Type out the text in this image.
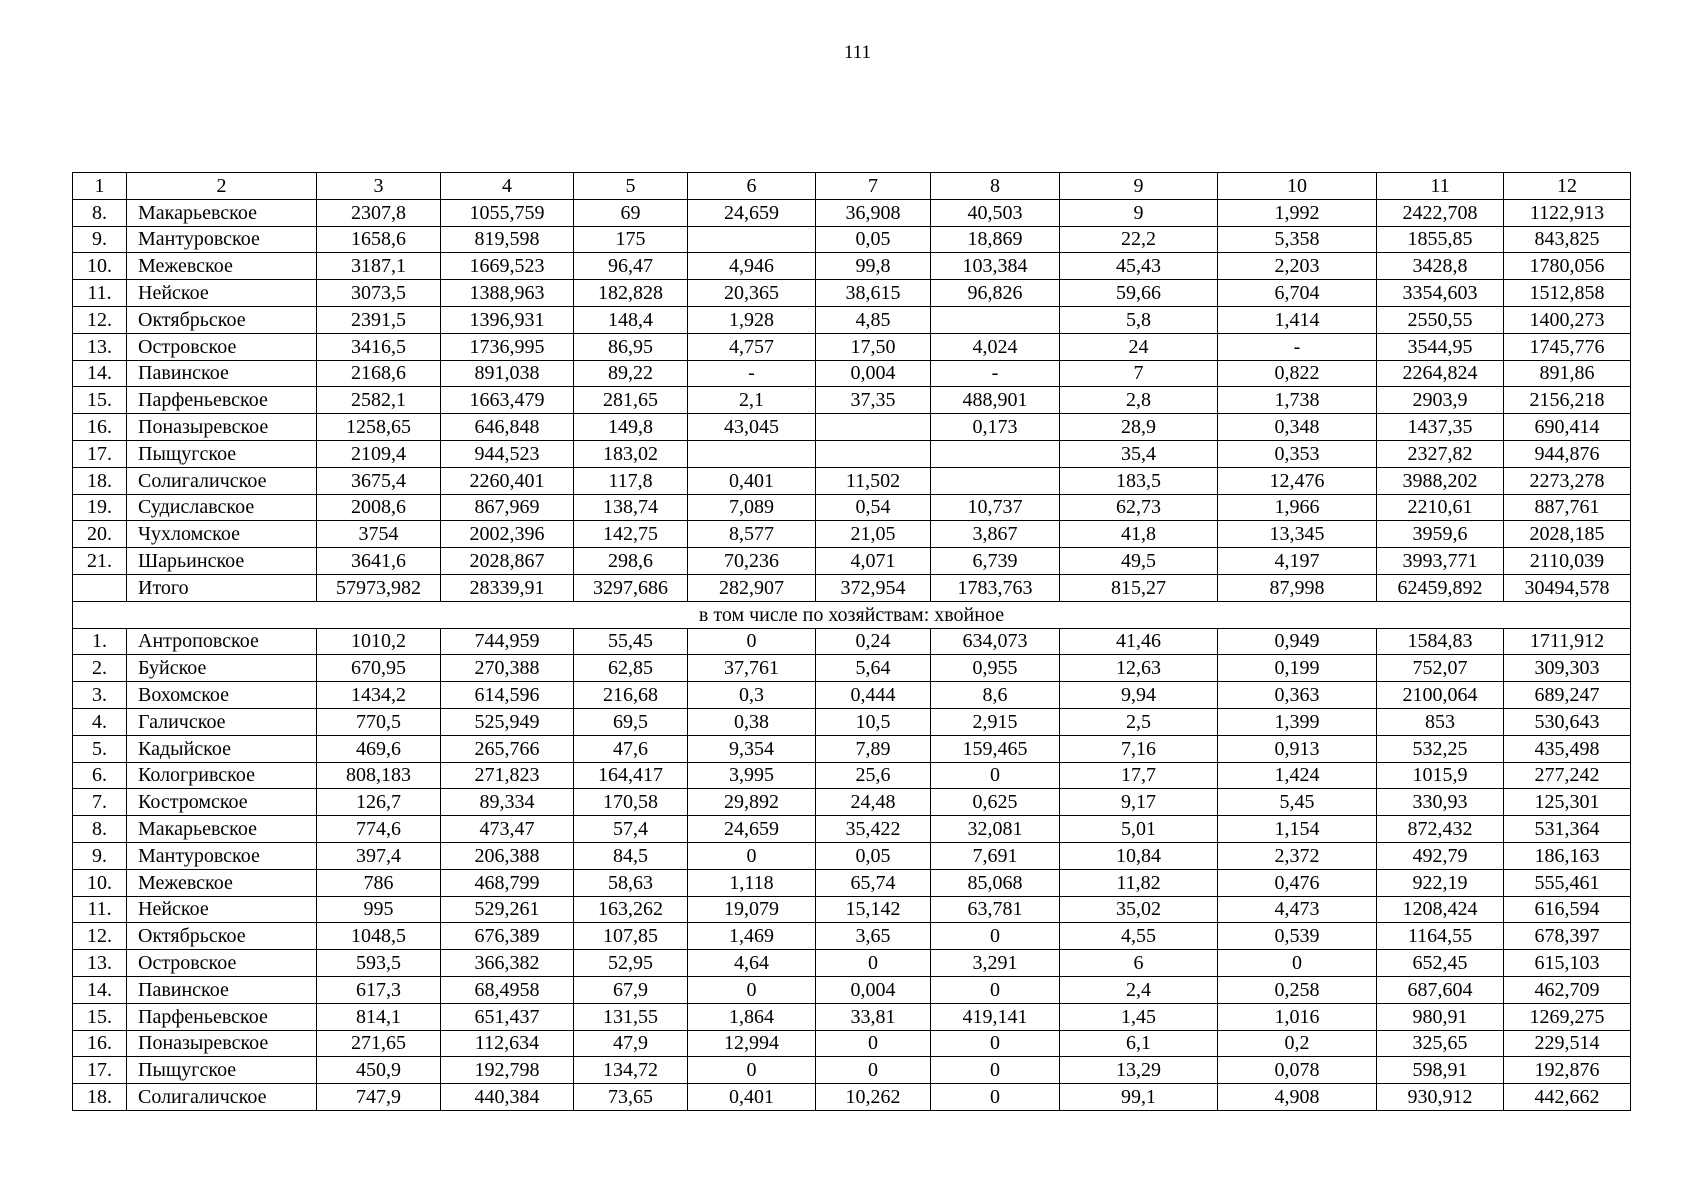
111
1	2	3	4	5	6	7	8	9	10	11	12
8.	Макарьевское	2307,8	1055,759	69	24,659	36,908	40,503	9	1,992	2422,708	1122,913
9.	Мантуровское	1658,6	819,598	175		0,05	18,869	22,2	5,358	1855,85	843,825
10.	Межевское	3187,1	1669,523	96,47	4,946	99,8	103,384	45,43	2,203	3428,8	1780,056
11.	Нейское	3073,5	1388,963	182,828	20,365	38,615	96,826	59,66	6,704	3354,603	1512,858
12.	Октябрьское	2391,5	1396,931	148,4	1,928	4,85		5,8	1,414	2550,55	1400,273
13.	Островское	3416,5	1736,995	86,95	4,757	17,50	4,024	24	-	3544,95	1745,776
14.	Павинское	2168,6	891,038	89,22	-	0,004	-	7	0,822	2264,824	891,86
15.	Парфеньевское	2582,1	1663,479	281,65	2,1	37,35	488,901	2,8	1,738	2903,9	2156,218
16.	Поназыревское	1258,65	646,848	149,8	43,045		0,173	28,9	0,348	1437,35	690,414
17.	Пыщугское	2109,4	944,523	183,02				35,4	0,353	2327,82	944,876
18.	Солигаличское	3675,4	2260,401	117,8	0,401	11,502		183,5	12,476	3988,202	2273,278
19.	Судиславское	2008,6	867,969	138,74	7,089	0,54	10,737	62,73	1,966	2210,61	887,761
20.	Чухломское	3754	2002,396	142,75	8,577	21,05	3,867	41,8	13,345	3959,6	2028,185
21.	Шарьинское	3641,6	2028,867	298,6	70,236	4,071	6,739	49,5	4,197	3993,771	2110,039
	Итого	57973,982	28339,91	3297,686	282,907	372,954	1783,763	815,27	87,998	62459,892	30494,578
в том числе по хозяйствам: хвойное											
1.	Антроповское	1010,2	744,959	55,45	0	0,24	634,073	41,46	0,949	1584,83	1711,912
2.	Буйское	670,95	270,388	62,85	37,761	5,64	0,955	12,63	0,199	752,07	309,303
3.	Вохомское	1434,2	614,596	216,68	0,3	0,444	8,6	9,94	0,363	2100,064	689,247
4.	Галичское	770,5	525,949	69,5	0,38	10,5	2,915	2,5	1,399	853	530,643
5.	Кадыйское	469,6	265,766	47,6	9,354	7,89	159,465	7,16	0,913	532,25	435,498
6.	Кологривское	808,183	271,823	164,417	3,995	25,6	0	17,7	1,424	1015,9	277,242
7.	Костромское	126,7	89,334	170,58	29,892	24,48	0,625	9,17	5,45	330,93	125,301
8.	Макарьевское	774,6	473,47	57,4	24,659	35,422	32,081	5,01	1,154	872,432	531,364
9.	Мантуровское	397,4	206,388	84,5	0	0,05	7,691	10,84	2,372	492,79	186,163
10.	Межевское	786	468,799	58,63	1,118	65,74	85,068	11,82	0,476	922,19	555,461
11.	Нейское	995	529,261	163,262	19,079	15,142	63,781	35,02	4,473	1208,424	616,594
12.	Октябрьское	1048,5	676,389	107,85	1,469	3,65	0	4,55	0,539	1164,55	678,397
13.	Островское	593,5	366,382	52,95	4,64	0	3,291	6	0	652,45	615,103
14.	Павинское	617,3	68,4958	67,9	0	0,004	0	2,4	0,258	687,604	462,709
15.	Парфеньевское	814,1	651,437	131,55	1,864	33,81	419,141	1,45	1,016	980,91	1269,275
16.	Поназыревское	271,65	112,634	47,9	12,994	0	0	6,1	0,2	325,65	229,514
17.	Пыщугское	450,9	192,798	134,72	0	0	0	13,29	0,078	598,91	192,876
18.	Солигаличское	747,9	440,384	73,65	0,401	10,262	0	99,1	4,908	930,912	442,662
